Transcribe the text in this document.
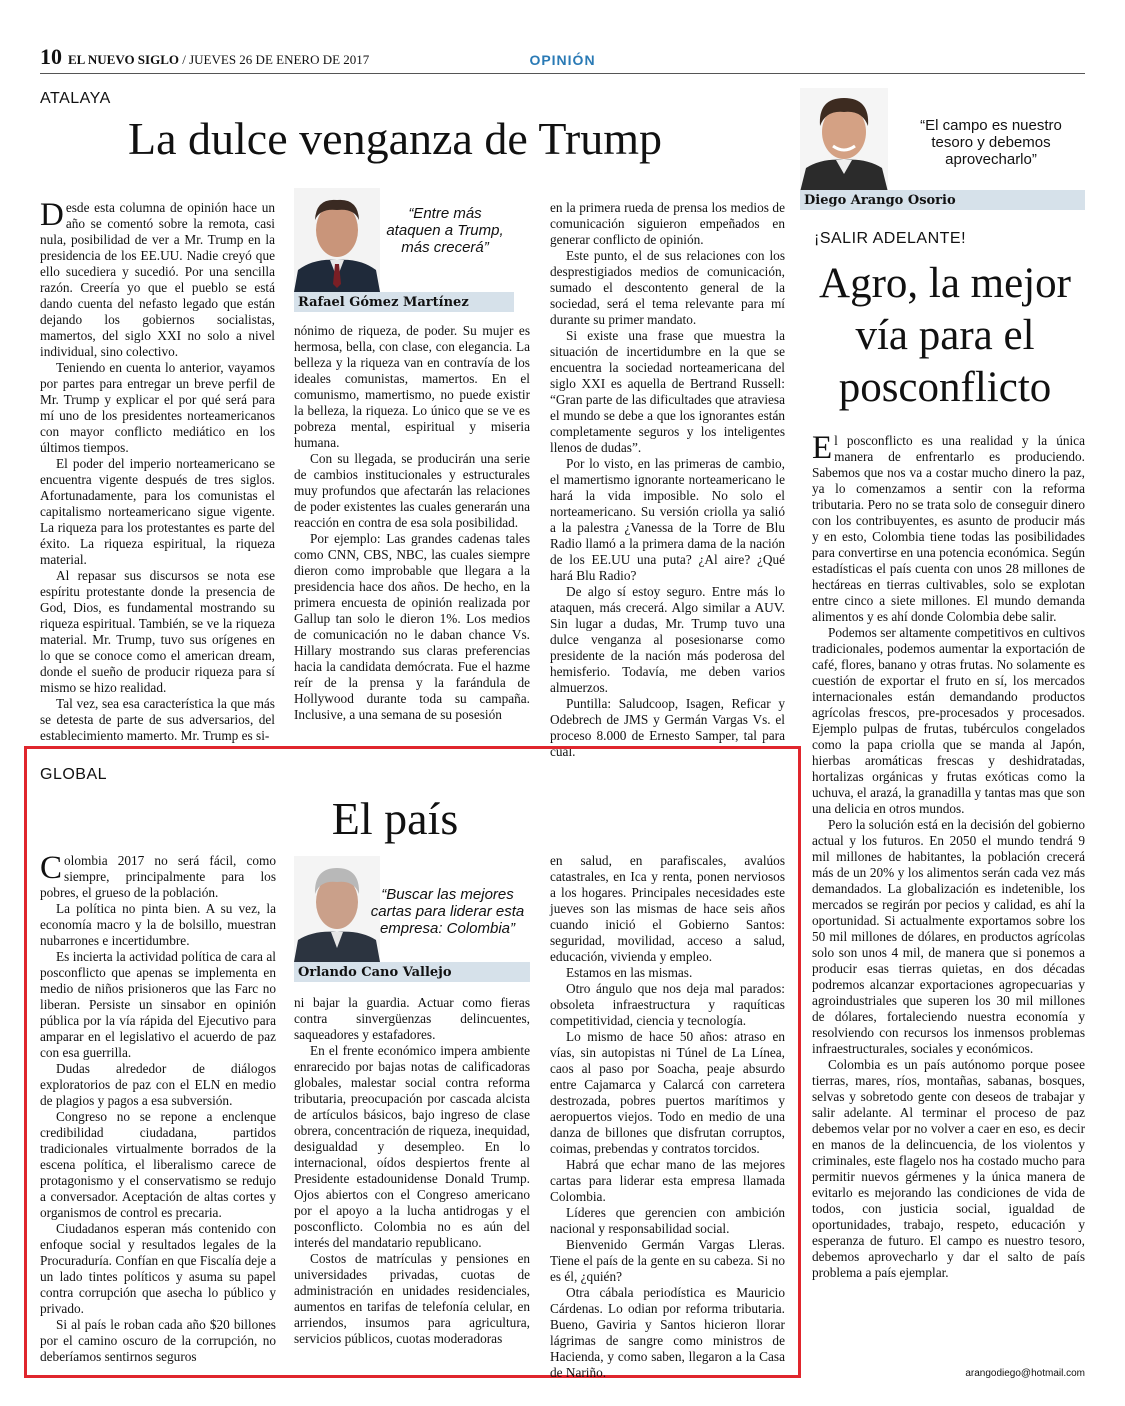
10 EL NUEVO SIGLO / JUEVES 26 DE ENERO DE 2017	OPINIÓN
ATALAYA
La dulce venganza de Trump

Desde esta columna de opinión hace un año se comentó sobre la remota, casi nula, posibilidad de ver a Mr. Trump en la presidencia de los EE.UU. Nadie creyó que ello sucediera y sucedió. Por una sencilla razón. Creería yo que el pueblo se está dando cuenta del nefasto legado que están dejando los gobiernos socialistas, mamertos, del siglo XXI no solo a nivel individual, sino colectivo.

Teniendo en cuenta lo anterior, vayamos por partes para entregar un breve perfil de Mr. Trump y explicar el por qué será para mí uno de los presidentes norteamericanos con mayor conflicto mediático en los últimos tiempos.

El poder del imperio norteamericano se encuentra vigente después de tres siglos. Afortunadamente, para los comunistas el capitalismo norteamericano sigue vigente. La riqueza para los protestantes es parte del éxito. La riqueza espiritual, la riqueza material.

Al repasar sus discursos se nota ese espíritu protestante donde la presencia de God, Dios, es fundamental mostrando su riqueza espiritual. También, se ve la riqueza material. Mr. Trump, tuvo sus orígenes en lo que se conoce como el american dream, donde el sueño de producir riqueza para sí mismo se hizo realidad.

Tal vez, sea esa característica la que más se detesta de parte de sus adversarios, del establecimiento mamerto. Mr. Trump es si-

“Entre más ataquen a Trump, más crecerá”
Rafael Gómez Martínez

nónimo de riqueza, de poder. Su mujer es hermosa, bella, con clase, con elegancia. La belleza y la riqueza van en contravía de los ideales comunistas, mamertos. En el comunismo, mamertismo, no puede existir la belleza, la riqueza. Lo único que se ve es pobreza mental, espiritual y miseria humana.

Con su llegada, se producirán una serie de cambios institucionales y estructurales muy profundos que afectarán las relaciones de poder existentes las cuales generarán una reacción en contra de esa sola posibilidad.

Por ejemplo: Las grandes cadenas tales como CNN, CBS, NBC, las cuales siempre dieron como improbable que llegara a la presidencia hace dos años. De hecho, en la primera encuesta de opinión realizada por Gallup tan solo le dieron 1%. Los medios de comunicación no le daban chance Vs. Hillary mostrando sus claras preferencias hacia la candidata demócrata. Fue el hazme reír de la prensa y la farándula de Hollywood durante toda su campaña. Inclusive, a una semana de su posesión

en la primera rueda de prensa los medios de comunicación siguieron empeñados en generar conflicto de opinión.

Este punto, el de sus relaciones con los desprestigiados medios de comunicación, sumado el descontento general de la sociedad, será el tema relevante para mí durante su primer mandato.

Si existe una frase que muestra la situación de incertidumbre en la que se encuentra la sociedad norteamericana del siglo XXI es aquella de Bertrand Russell: “Gran parte de las dificultades que atraviesa el mundo se debe a que los ignorantes están completamente seguros y los inteligentes llenos de dudas”.

Por lo visto, en las primeras de cambio, el mamertismo ignorante norteamericano le hará la vida imposible. No solo el norteamericano. Su versión criolla ya salió a la palestra ¿Vanessa de la Torre de Blu Radio llamó a la primera dama de la nación de los EE.UU una puta? ¿Al aire? ¿Qué hará Blu Radio?

De algo sí estoy seguro. Entre más lo ataquen, más crecerá. Algo similar a AUV. Sin lugar a dudas, Mr. Trump tuvo una dulce venganza al posesionarse como presidente de la nación más poderosa del hemisferio. Todavía, me deben varios almuerzos.

Puntilla: Saludcoop, Isagen, Reficar y Odebrech de JMS y Germán Vargas Vs. el proceso 8.000 de Ernesto Samper, tal para cual.

“El campo es nuestro tesoro y debemos aprovecharlo”
Diego Arango Osorio
¡SALIR ADELANTE!
Agro, la mejor vía para el posconflicto

El posconflicto es una realidad y la única manera de enfrentarlo es produciendo. Sabemos que nos va a costar mucho dinero la paz, ya lo comenzamos a sentir con la reforma tributaria. Pero no se trata solo de conseguir dinero con los contribuyentes, es asunto de producir más y en esto, Colombia tiene todas las posibilidades para convertirse en una potencia económica. Según estadísticas el país cuenta con unos 28 millones de hectáreas en tierras cultivables, solo se explotan entre cinco a siete millones. El mundo demanda alimentos y es ahí donde Colombia debe salir.

Podemos ser altamente competitivos en cultivos tradicionales, podemos aumentar la exportación de café, flores, banano y otras frutas. No solamente es cuestión de exportar el fruto en sí, los mercados internacionales están demandando productos agrícolas frescos, pre-procesados y procesados. Ejemplo pulpas de frutas, tubérculos congelados como la papa criolla que se manda al Japón, hierbas aromáticas frescas y deshidratadas, hortalizas orgánicas y frutas exóticas como la uchuva, el arazá, la granadilla y tantas mas que son una delicia en otros mundos.

Pero la solución está en la decisión del gobierno actual y los futuros. En 2050 el mundo tendrá 9 mil millones de habitantes, la población crecerá más de un 20% y los alimentos serán cada vez más demandados. La globalización es indetenible, los mercados se regirán por pecios y calidad, es ahí la oportunidad. Si actualmente exportamos sobre los 50 mil millones de dólares, en productos agrícolas solo son unos 4 mil, de manera que si ponemos a producir esas tierras quietas, en dos décadas podremos alcanzar exportaciones agropecuarias y agroindustriales que superen los 30 mil millones de dólares, fortaleciendo nuestra economía y resolviendo con recursos los inmensos problemas infraestructurales, sociales y económicos.

Colombia es un país autónomo porque posee tierras, mares, ríos, montañas, sabanas, bosques, selvas y sobretodo gente con deseos de trabajar y salir adelante. Al terminar el proceso de paz debemos velar por no volver a caer en eso, es decir en manos de la delincuencia, de los violentos y criminales, este flagelo nos ha costado mucho para permitir nuevos gérmenes y la única manera de evitarlo es mejorando las condiciones de vida de todos, con justicia social, igualdad de oportunidades, trabajo, respeto, educación y esperanza de futuro. El campo es nuestro tesoro, debemos aprovecharlo y dar el salto de país problema a país ejemplar.

arangodiego@hotmail.com
GLOBAL
El país

Colombia 2017 no será fácil, como siempre, principalmente para los pobres, el grueso de la población.

La política no pinta bien. A su vez, la economía macro y la de bolsillo, muestran nubarrones e incertidumbre.

Es incierta la actividad política de cara al posconflicto que apenas se implementa en medio de niños prisioneros que las Farc no liberan. Persiste un sinsabor en opinión pública por la vía rápida del Ejecutivo para amparar en el legislativo el acuerdo de paz con esa guerrilla.

Dudas alrededor de diálogos exploratorios de paz con el ELN en medio de plagios y pagos a esa subversión.

Congreso no se repone a enclenque credibilidad ciudadana, partidos tradicionales virtualmente borrados de la escena política, el liberalismo carece de protagonismo y el conservatismo se redujo a conversador. Aceptación de altas cortes y organismos de control es precaria.

Ciudadanos esperan más contenido con enfoque social y resultados legales de la Procuraduría. Confían en que Fiscalía deje a un lado tintes políticos y asuma su papel contra corrupción que asecha lo público y privado.

Si al país le roban cada año $20 billones por el camino oscuro de la corrupción, no deberíamos sentirnos seguros

“Buscar las mejores cartas para liderar esta empresa: Colombia”
Orlando Cano Vallejo

ni bajar la guardia. Actuar como fieras contra sinvergüenzas delincuentes, saqueadores y estafadores.

En el frente económico impera ambiente enrarecido por bajas notas de calificadoras globales, malestar social contra reforma tributaria, preocupación por cascada alcista de artículos básicos, bajo ingreso de clase obrera, concentración de riqueza, inequidad, desigualdad y desempleo. En lo internacional, oídos despiertos frente al Presidente estadounidense Donald Trump. Ojos abiertos con el Congreso americano por el apoyo a la lucha antidrogas y el posconflicto. Colombia no es aún del interés del mandatario republicano.

Costos de matrículas y pensiones en universidades privadas, cuotas de administración en unidades residenciales, aumentos en tarifas de telefonía celular, en arriendos, insumos para agricultura, servicios públicos, cuotas moderadoras

en salud, en parafiscales, avalúos catastrales, en Ica y renta, ponen nerviosos a los hogares. Principales necesidades este jueves son las mismas de hace seis años cuando inició el Gobierno Santos: seguridad, movilidad, acceso a salud, educación, vivienda y empleo.

Estamos en las mismas.

Otro ángulo que nos deja mal parados: obsoleta infraestructura y raquíticas competitividad, ciencia y tecnología.

Lo mismo de hace 50 años: atraso en vías, sin autopistas ni Túnel de La Línea, caos al paso por Soacha, peaje absurdo entre Cajamarca y Calarcá con carretera destrozada, pobres puertos marítimos y aeropuertos viejos. Todo en medio de una danza de billones que disfrutan corruptos, coimas, prebendas y contratos torcidos.

Habrá que echar mano de las mejores cartas para liderar esta empresa llamada Colombia.

Líderes que gerencien con ambición nacional y responsabilidad social.

Bienvenido Germán Vargas Lleras. Tiene el país de la gente en su cabeza. Si no es él, ¿quién?

Otra cábala periodística es Mauricio Cárdenas. Lo odian por reforma tributaria. Bueno, Gaviria y Santos hicieron llorar lágrimas de sangre como ministros de Hacienda, y como saben, llegaron a la Casa de Nariño.
